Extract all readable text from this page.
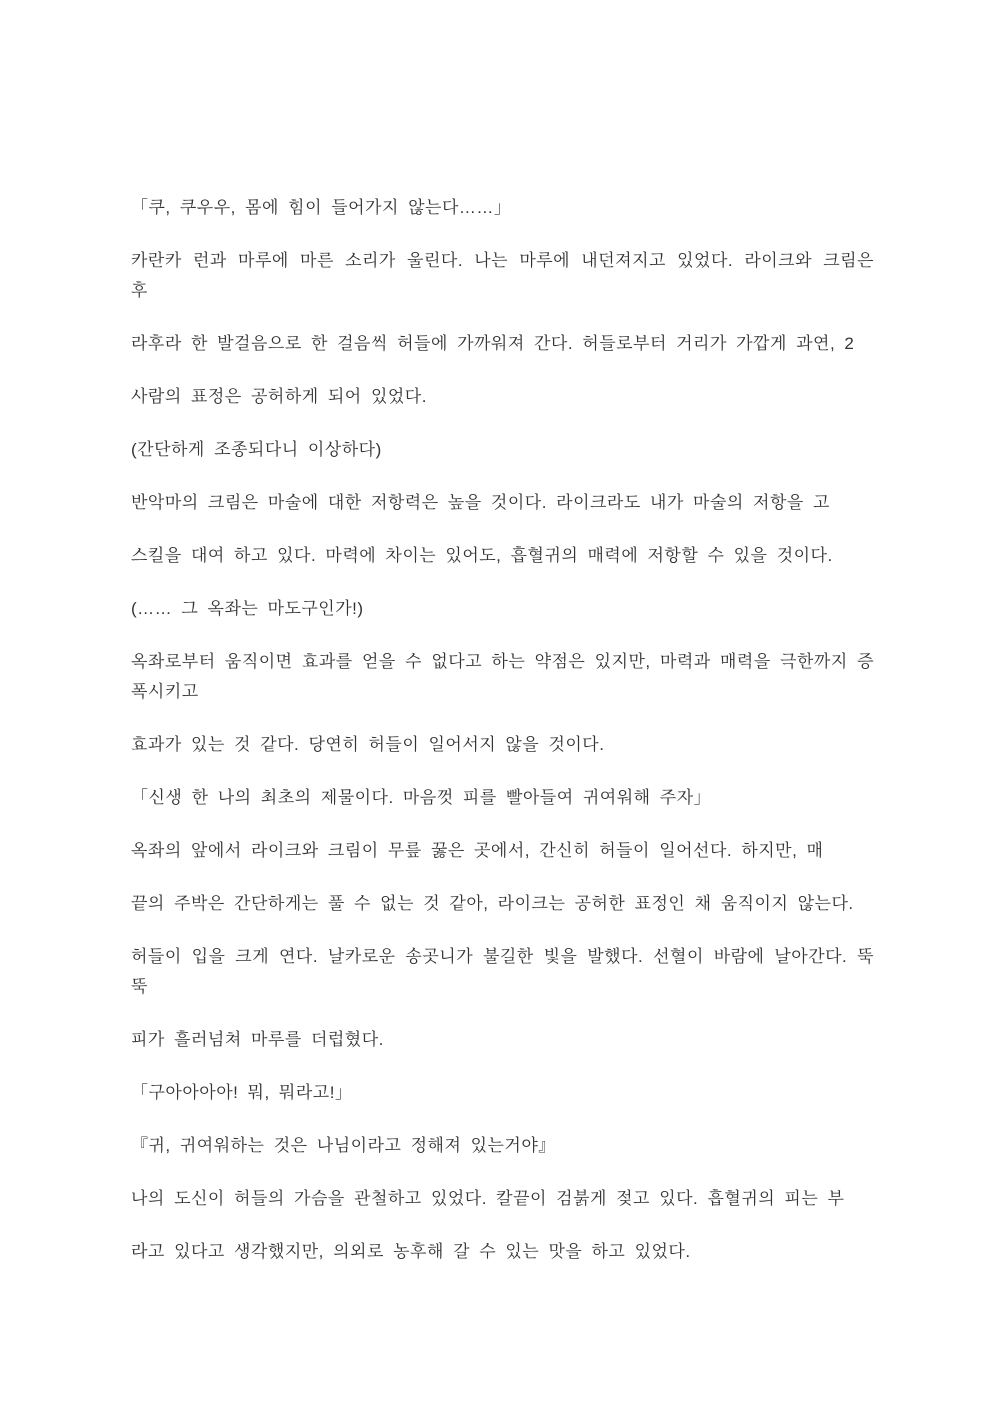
「쿠, 쿠우우, 몸에 힘이 들어가지 않는다……」

카란카 런과 마루에 마른 소리가 울린다. 나는 마루에 내던져지고 있었다. 라이크와 크림은 후

라후라 한 발걸음으로 한 걸음씩 허들에 가까워져 간다. 허들로부터 거리가 가깝게 과연, 2

사람의 표정은 공허하게 되어 있었다.

(간단하게 조종되다니 이상하다)

반악마의 크림은 마술에 대한 저항력은 높을 것이다. 라이크라도 내가 마술의 저항을 고

스킬을 대여 하고 있다. 마력에 차이는 있어도, 흡혈귀의 매력에 저항할 수 있을 것이다.

(…… 그 옥좌는 마도구인가!)

옥좌로부터 움직이면 효과를 얻을 수 없다고 하는 약점은 있지만, 마력과 매력을 극한까지 증폭시키고

효과가 있는 것 같다. 당연히 허들이 일어서지 않을 것이다.

「신생 한 나의 최초의 제물이다. 마음껏 피를 빨아들여 귀여워해 주자」

옥좌의 앞에서 라이크와 크림이 무릎 꿇은 곳에서, 간신히 허들이 일어선다. 하지만, 매

끝의 주박은 간단하게는 풀 수 없는 것 같아, 라이크는 공허한 표정인 채 움직이지 않는다.

허들이 입을 크게 연다. 날카로운 송곳니가 불길한 빛을 발했다. 선혈이 바람에 날아간다. 뚝뚝

피가 흘러넘쳐 마루를 더럽혔다.

「구아아아아! 뭐, 뭐라고!」

『귀, 귀여워하는 것은 나님이라고 정해져 있는거야』

나의 도신이 허들의 가슴을 관철하고 있었다. 칼끝이 검붉게 젖고 있다. 흡혈귀의 피는 부

라고 있다고 생각했지만, 의외로 농후해 갈 수 있는 맛을 하고 있었다.
